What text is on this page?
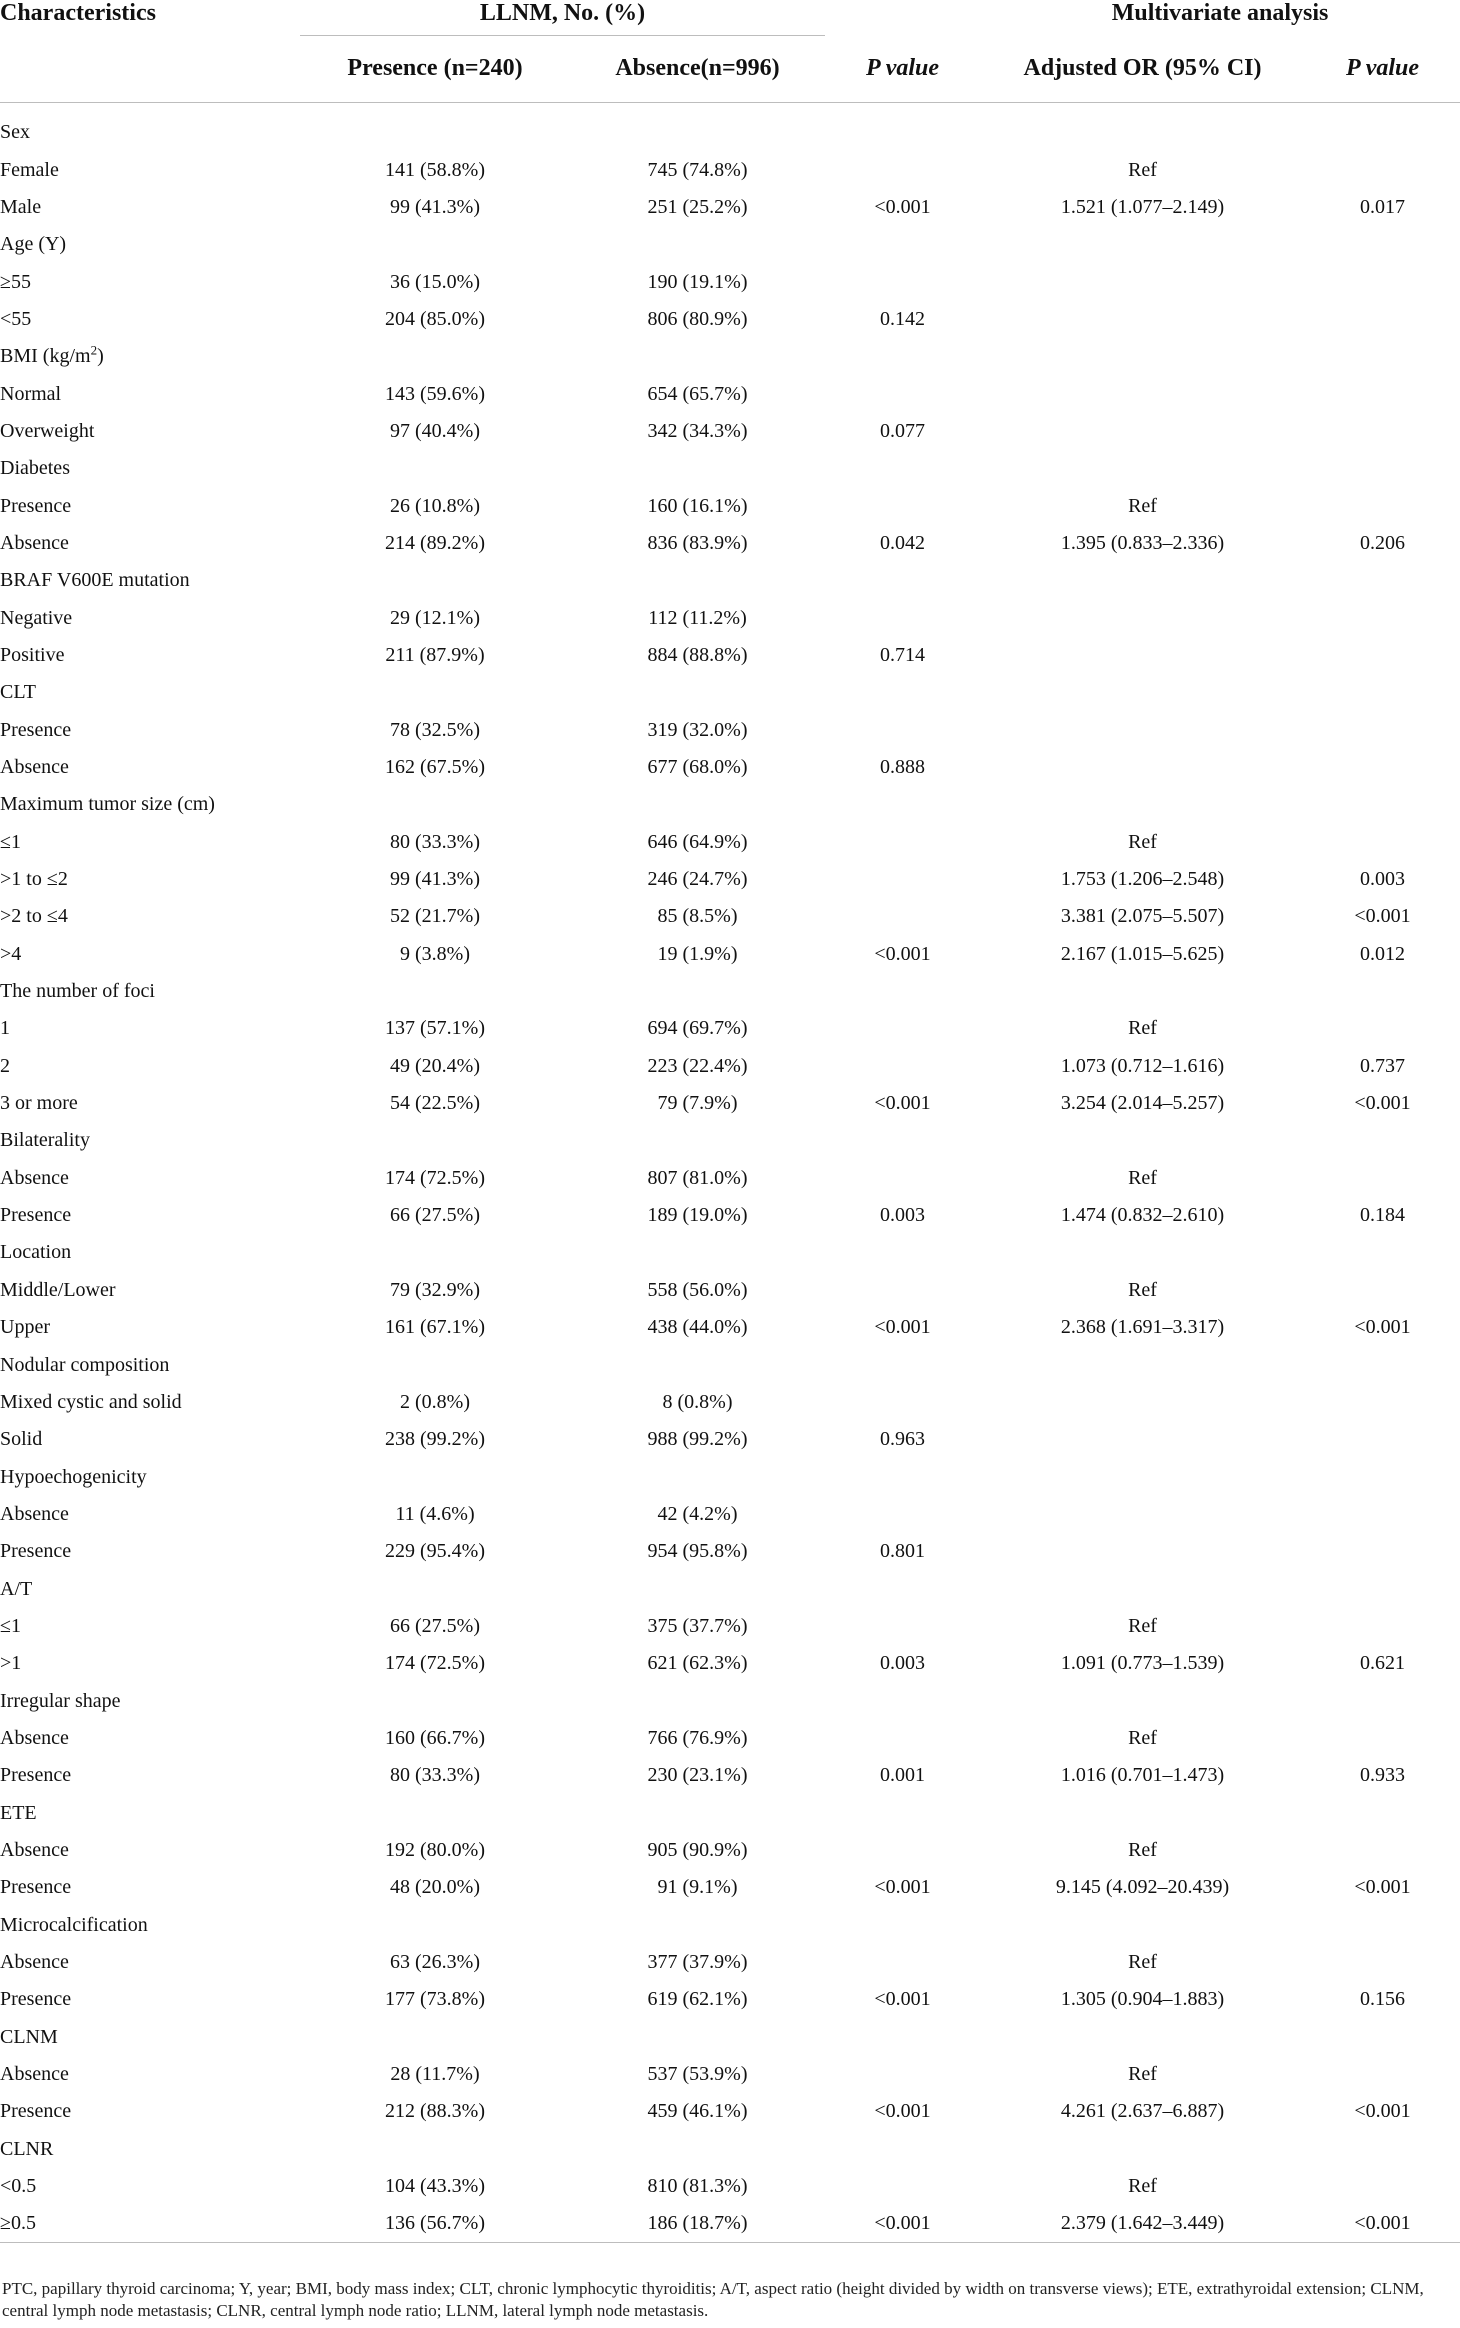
Characteristics	LLNM, No. (%)			Multivariate analysis	
	Presence (n=240)	Absence(n=996)	P value	Adjusted OR (95% CI)	P value

Sex					
Female	141 (58.8%)	745 (74.8%)		Ref	
Male	99 (41.3%)	251 (25.2%)	<0.001	1.521 (1.077–2.149)	0.017
Age (Y)					
≥55	36 (15.0%)	190 (19.1%)			
<55	204 (85.0%)	806 (80.9%)	0.142		
BMI $(kg/m^2)$					
Normal	143 (59.6%)	654 (65.7%)			
Overweight	97 (40.4%)	342 (34.3%)	0.077		
Diabetes					
Presence	26 (10.8%)	160 (16.1%)		Ref	
Absence	214 (89.2%)	836 (83.9%)	0.042	1.395 (0.833–2.336)	0.206
BRAF V600E mutation					
Negative	29 (12.1%)	112 (11.2%)			
Positive	211 (87.9%)	884 (88.8%)	0.714		
CLT					
Presence	78 (32.5%)	319 (32.0%)			
Absence	162 (67.5%)	677 (68.0%)	0.888		
Maximum tumor size (cm)					
≤1	80 (33.3%)	646 (64.9%)		Ref	
>1 to ≤2	99 (41.3%)	246 (24.7%)		1.753 (1.206–2.548)	0.003
>2 to ≤4	52 (21.7%)	85 (8.5%)		3.381 (2.075–5.507)	<0.001
>4	9 (3.8%)	19 (1.9%)	<0.001	2.167 (1.015–5.625)	0.012
The number of foci					
1	137 (57.1%)	694 (69.7%)		Ref	
2	49 (20.4%)	223 (22.4%)		1.073 (0.712–1.616)	0.737
3 or more	54 (22.5%)	79 (7.9%)	<0.001	3.254 (2.014–5.257)	<0.001
Bilaterality					
Absence	174 (72.5%)	807 (81.0%)		Ref	
Presence	66 (27.5%)	189 (19.0%)	0.003	1.474 (0.832–2.610)	0.184
Location					
Middle/Lower	79 (32.9%)	558 (56.0%)		Ref	
Upper	161 (67.1%)	438 (44.0%)	<0.001	2.368 (1.691–3.317)	<0.001
Nodular composition					
Mixed cystic and solid	2 (0.8%)	8 (0.8%)			
Solid	238 (99.2%)	988 (99.2%)	0.963		
Hypoechogenicity					
Absence	11 (4.6%)	42 (4.2%)			
Presence	229 (95.4%)	954 (95.8%)	0.801		
A/T					
≤1	66 (27.5%)	375 (37.7%)		Ref	
>1	174 (72.5%)	621 (62.3%)	0.003	1.091 (0.773–1.539)	0.621
Irregular shape					
Absence	160 (66.7%)	766 (76.9%)		Ref	
Presence	80 (33.3%)	230 (23.1%)	0.001	1.016 (0.701–1.473)	0.933
ETE					
Absence	192 (80.0%)	905 (90.9%)		Ref	
Presence	48 (20.0%)	91 (9.1%)	<0.001	9.145 (4.092–20.439)	<0.001
Microcalcification					
Absence	63 (26.3%)	377 (37.9%)		Ref	
Presence	177 (73.8%)	619 (62.1%)	<0.001	1.305 (0.904–1.883)	0.156
CLNM					
Absence	28 (11.7%)	537 (53.9%)		Ref	
Presence	212 (88.3%)	459 (46.1%)	<0.001	4.261 (2.637–6.887)	<0.001
CLNR					
<0.5	104 (43.3%)	810 (81.3%)		Ref	
≥0.5	136 (56.7%)	186 (18.7%)	<0.001	2.379 (1.642–3.449)	<0.001
PTC, papillary thyroid carcinoma; Y, year; BMI, body mass index; CLT, chronic lymphocytic thyroiditis; A/T, aspect ratio (height divided by width on transverse views); ETE, extrathyroidal extension; CLNM, central lymph node metastasis; CLNR, central lymph node ratio; LLNM, lateral lymph node metastasis.
